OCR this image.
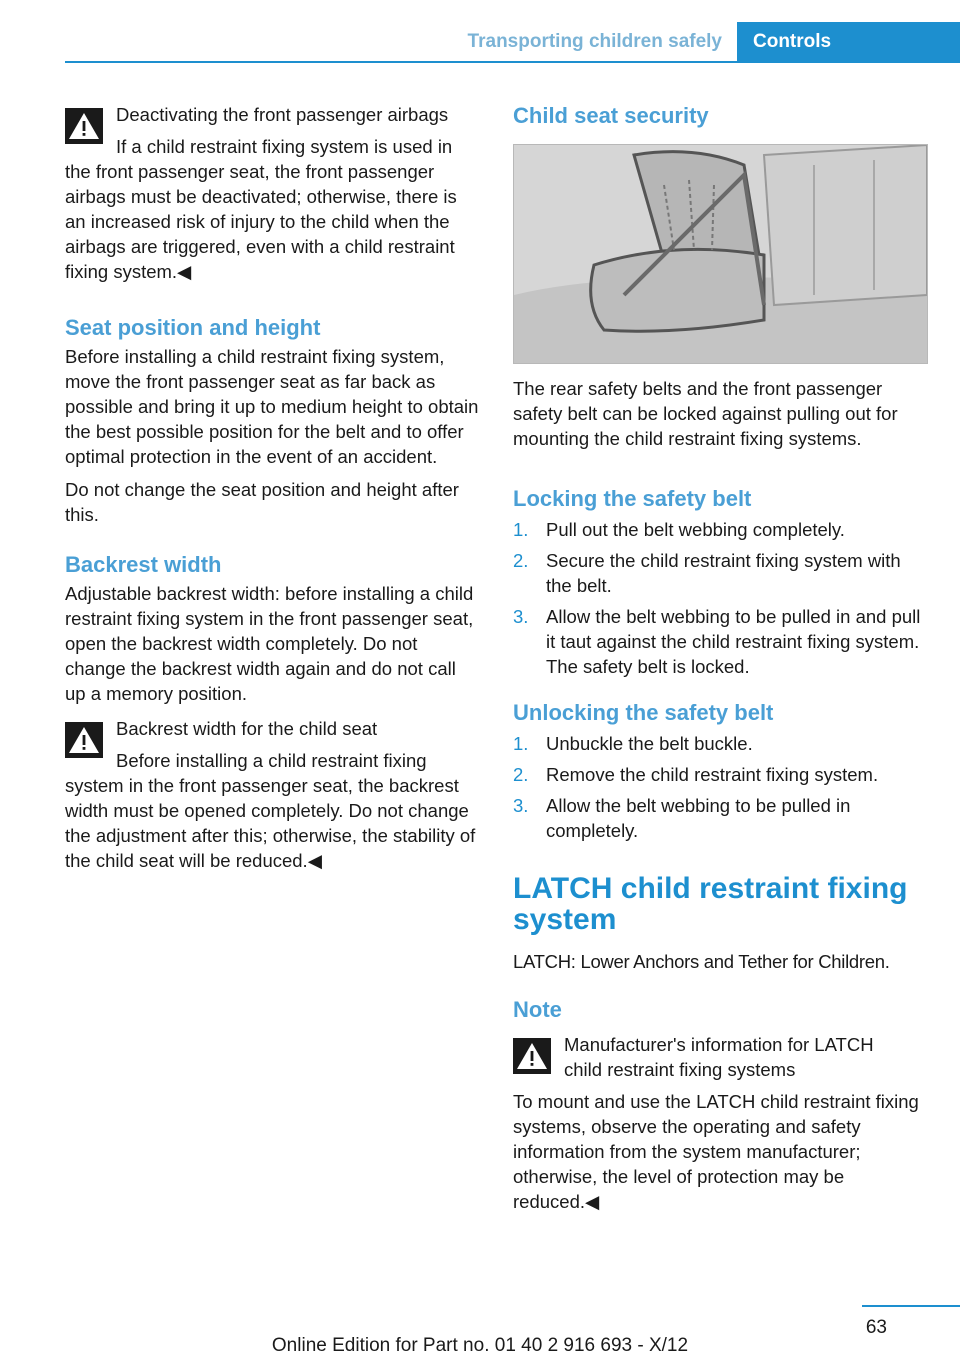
Transporting children safely	Controls

Deactivating the front passenger airbags

If a child restraint fixing system is used in

the front passenger seat, the front passenger airbags must be deactivated; otherwise, there is an increased risk of injury to the child when the airbags are triggered, even with a child restraint fixing system.◀

Seat position and height

Before installing a child restraint fixing system, move the front passenger seat as far back as possible and bring it up to medium height to obtain the best possible position for the belt and to offer optimal protection in the event of an accident.

Do not change the seat position and height after this.

Backrest width

Adjustable backrest width: before installing a child restraint fixing system in the front passenger seat, open the backrest width completely. Do not change the backrest width again and do not call up a memory position.

Backrest width for the child seat

Before installing a child restraint fixing

system in the front passenger seat, the backrest width must be opened completely. Do not change the adjustment after this; otherwise, the stability of the child seat will be reduced.◀

Child seat security

The rear safety belts and the front passenger safety belt can be locked against pulling out for mounting the child restraint fixing systems.

Locking the safety belt
1. Pull out the belt webbing completely.
2. Secure the child restraint fixing system with the belt.
3. Allow the belt webbing to be pulled in and pull it taut against the child restraint fixing system. The safety belt is locked.
Unlocking the safety belt
1. Unbuckle the belt buckle.
2. Remove the child restraint fixing system.
3. Allow the belt webbing to be pulled in completely.
LATCH child restraint fixing system

LATCH: Lower Anchors and Tether for Children.

Note

Manufacturer's information for LATCH child restraint fixing systems

To mount and use the LATCH child restraint fixing systems, observe the operating and safety information from the system manufacturer; otherwise, the level of protection may be reduced.◀

63
Online Edition for Part no. 01 40 2 916 693 - X/12
